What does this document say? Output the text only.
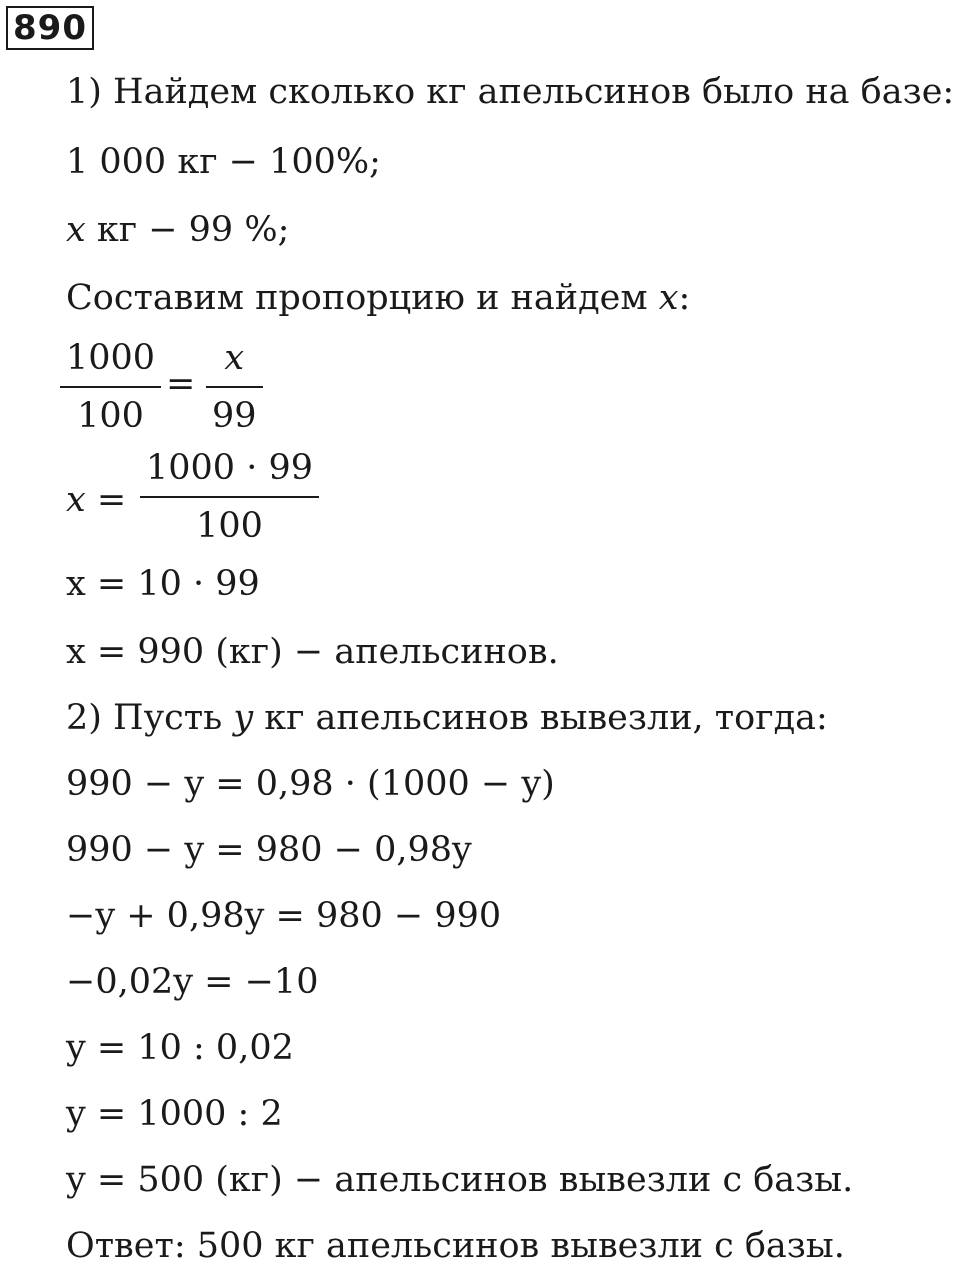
890
1) Найдем сколько кг апельсинов было на базе:
1 000 кг − 100%;
x кг − 99 %;
Составим пропорцию и найдем x:
1000
100
=
x
99
x =
1000 · 99
100
x = 10 · 99
x = 990 (кг) − апельсинов.
2) Пусть y кг апельсинов вывезли, тогда:
990 − y = 0,98 · (1000 − y)
990 − y = 980 − 0,98y
−y + 0,98y = 980 − 990
−0,02y = −10
y = 10 : 0,02
y = 1000 : 2
y = 500 (кг) − апельсинов вывезли с базы.
Ответ: 500 кг апельсинов вывезли с базы.
